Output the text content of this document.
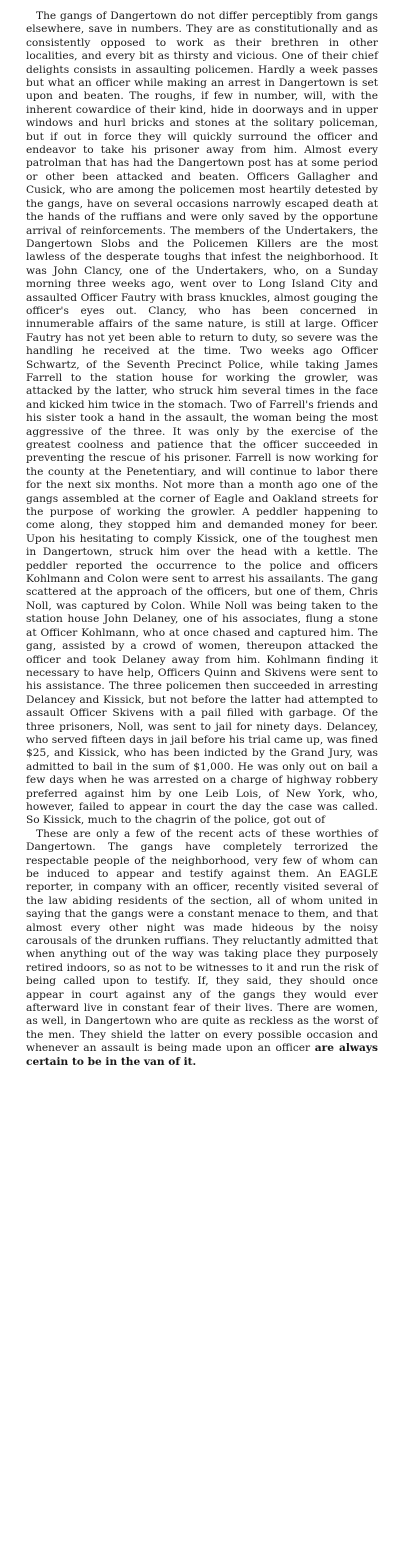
The gangs of Dangertown do not differ perceptibly from gangs elsewhere, save in numbers. They are as constitutionally and as consistently opposed to work as their brethren in other localities, and every bit as thirsty and vicious. One of their chief delights consists in assaulting policemen. Hardly a week passes but what an officer while making an arrest in Dangertown is set upon and beaten. The roughs, if few in number, will, with the inherent cowardice of their kind, hide in doorways and in upper windows and hurl bricks and stones at the solitary policeman, but if out in force they will quickly surround the officer and endeavor to take his prisoner away from him. Almost every patrolman that has had the Dangertown post has at some period or other been attacked and beaten. Officers Gallagher and Cusick, who are among the policemen most heartily detested by the gangs, have on several occasions narrowly escaped death at the hands of the ruffians and were only saved by the opportune arrival of reinforcements. The members of the Undertakers, the Dangertown Slobs and the Policemen Killers are the most lawless of the desperate toughs that infest the neighborhood. It was John Clancy, one of the Undertakers, who, on a Sunday morning three weeks ago, went over to Long Island City and assaulted Officer Fautry with brass knuckles, almost gouging the officer's eyes out. Clancy, who has been concerned in innumerable affairs of the same nature, is still at large. Officer Fautry has not yet been able to return to duty, so severe was the handling he received at the time. Two weeks ago Officer Schwartz, of the Seventh Precinct Police, while taking James Farrell to the station house for working the growler, was attacked by the latter, who struck him several times in the face and kicked him twice in the stomach. Two of Farrell's friends and his sister took a hand in the assault, the woman being the most aggressive of the three. It was only by the exercise of the greatest coolness and patience that the officer succeeded in preventing the rescue of his prisoner. Farrell is now working for the county at the Penetentiary, and will continue to labor there for the next six months. Not more than a month ago one of the gangs assembled at the corner of Eagle and Oakland streets for the purpose of working the growler. A peddler happening to come along, they stopped him and demanded money for beer. Upon his hesitating to comply Kissick, one of the toughest men in Dangertown, struck him over the head with a kettle. The peddler reported the occurrence to the police and officers Kohlmann and Colon were sent to arrest his assailants. The gang scattered at the approach of the officers, but one of them, Chris Noll, was captured by Colon. While Noll was being taken to the station house John Delaney, one of his associates, flung a stone at Officer Kohlmann, who at once chased and captured him. The gang, assisted by a crowd of women, thereupon attacked the officer and took Delaney away from him. Kohlmann finding it necessary to have help, Officers Quinn and Skivens were sent to his assistance. The three policemen then succeeded in arresting Delancey and Kissick, but not before the latter had attempted to assault Officer Skivens with a pail filled with garbage. Of the three prisoners, Noll, was sent to jail for ninety days. Delancey, who served fifteen days in jail before his trial came up, was fined $25, and Kissick, who has been indicted by the Grand Jury, was admitted to bail in the sum of $1,000. He was only out on bail a few days when he was arrested on a charge of highway robbery preferred against him by one Leib Lois, of New York, who, however, failed to appear in court the day the case was called. So Kissick, much to the chagrin of the police, got out of

These are only a few of the recent acts of these worthies of Dangertown. The gangs have completely terrorized the respectable people of the neighborhood, very few of whom can be induced to appear and testify against them. An EAGLE reporter, in company with an officer, recently visited several of the law abiding residents of the section, all of whom united in saying that the gangs were a constant menace to them, and that almost every other night was made hideous by the noisy carousals of the drunken ruffians. They reluctantly admitted that when anything out of the way was taking place they purposely retired indoors, so as not to be witnesses to it and run the risk of being called upon to testify. If, they said, they should once appear in court against any of the gangs they would ever afterward live in constant fear of their lives. There are women, as well, in Dangertown who are quite as reckless as the worst of the men. They shield the latter on every possible occasion and whenever an assault is being made upon an officer are always certain to be in the van of it.
